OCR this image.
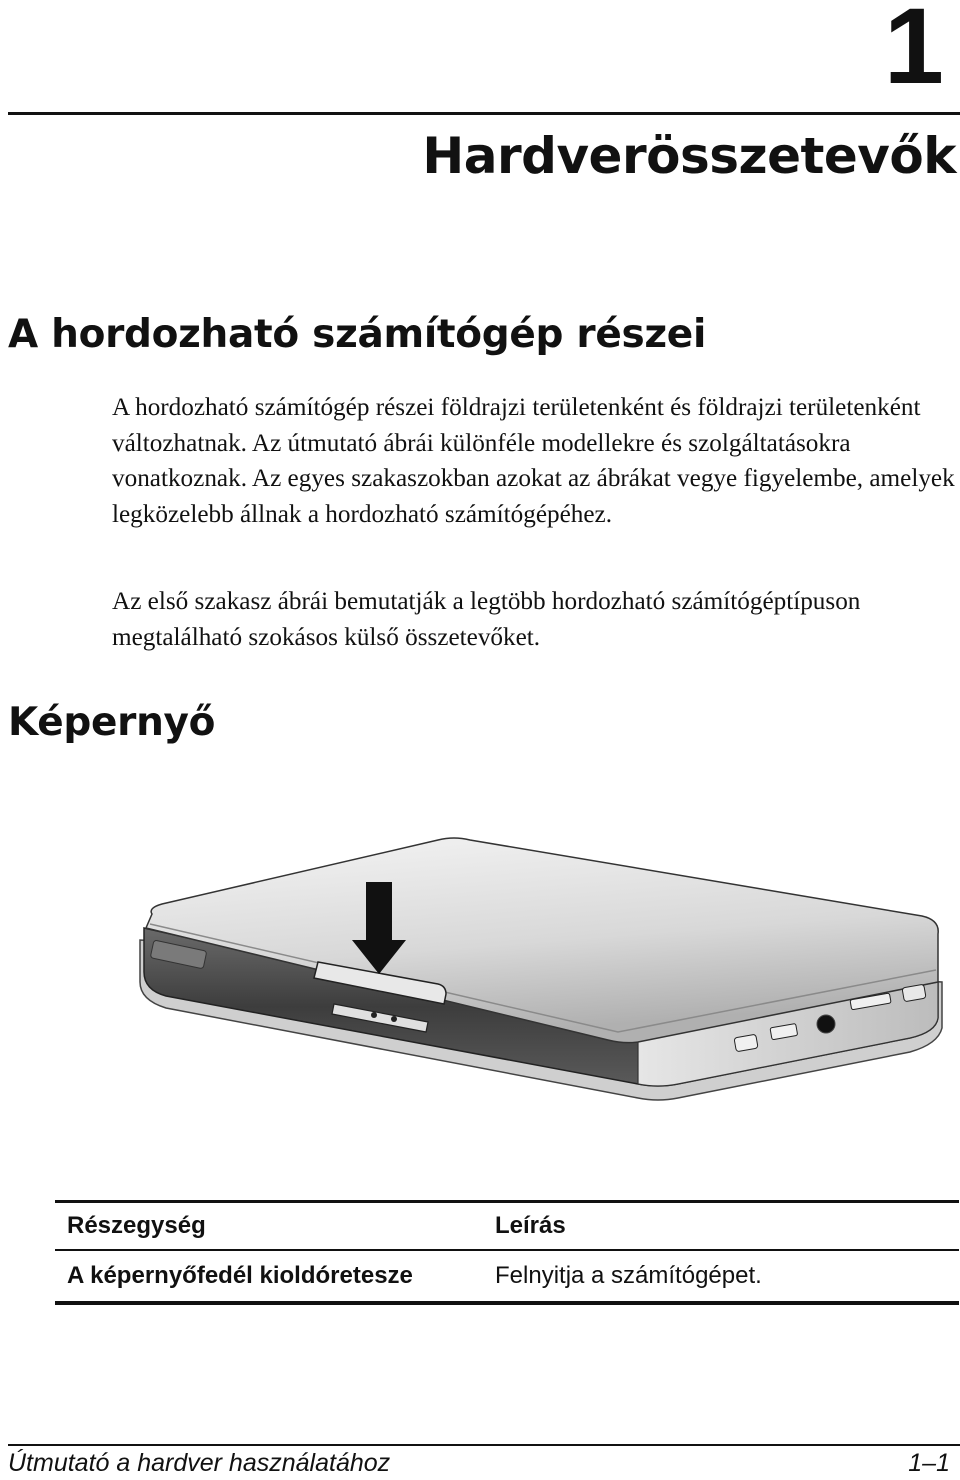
1
Hardverösszetevők
A hordozható számítógép részei

A hordozható számítógép részei földrajzi területenként és földrajzi területenként változhatnak. Az útmutató ábrái különféle modellekre és szolgáltatásokra vonatkoznak. Az egyes szakaszokban azokat az ábrákat vegye figyelembe, amelyek legközelebb állnak a hordozható számítógépéhez.

Az első szakasz ábrái bemutatják a legtöbb hordozható számítógéptípuson megtalálható szokásos külső összetevőket.

Képernyő
Részegység	Leírás
A képernyőfedél kioldóretesze	Felnyitja a számítógépet.
Útmutató a hardver használatához	1–1
